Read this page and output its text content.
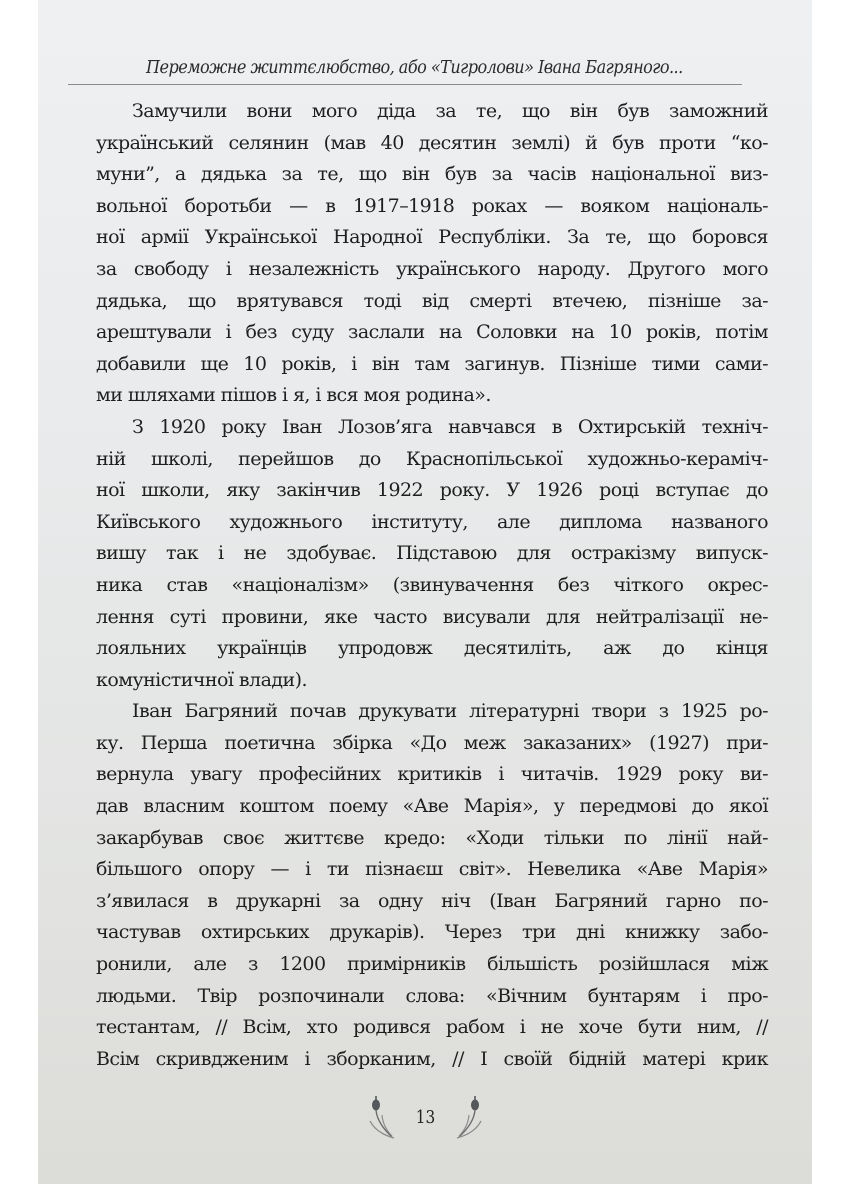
Переможне життєлюбство, або «Тигролови» Івана Багряного...
Замучили вони мого діда за те, що він був заможний
український селянин (мав 40 десятин землі) й був проти “ко-
муни”, а дядька за те, що він був за часів національної виз-
вольної боротьби — в 1917–1918 роках — вояком національ-
ної армії Української Народної Республіки. За те, що боровся
за свободу і незалежність українського народу. Другого мого
дядька, що врятувався тоді від смерті втечею, пізніше за-
арештували і без суду заслали на Соловки на 10 років, потім
добавили ще 10 років, і він там загинув. Пізніше тими сами-
ми шляхами пішов і я, і вся моя родина».
З 1920 року Іван Лозов’яга навчався в Охтирській техніч-
ній школі, перейшов до Краснопільської художньо-кераміч-
ної школи, яку закінчив 1922 року. У 1926 році вступає до
Київського художнього інституту, але диплома названого
вишу так і не здобуває. Підставою для остракізму випуск-
ника став «націоналізм» (звинувачення без чіткого окрес-
лення суті провини, яке часто висували для нейтралізації не-
лояльних українців упродовж десятиліть, аж до кінця
комуністичної влади).
Іван Багряний почав друкувати літературні твори з 1925 ро-
ку. Перша поетична збірка «До меж заказаних» (1927) при-
вернула увагу професійних критиків і читачів. 1929 року ви-
дав власним коштом поему «Аве Марія», у передмові до якої
закарбував своє життєве кредо: «Ходи тільки по лінії най-
більшого опору — і ти пізнаєш світ». Невелика «Аве Марія»
з’явилася в друкарні за одну ніч (Іван Багряний гарно по-
частував охтирських друкарів). Через три дні книжку забо-
ронили, але з 1200 примірників більшість розійшлася між
людьми. Твір розпочинали слова: «Вічним бунтарям і про-
тестантам, // Всім, хто родився рабом і не хоче бути ним, //
Всім скривдженим і зборканим, // І своїй бідній матері крик
13
